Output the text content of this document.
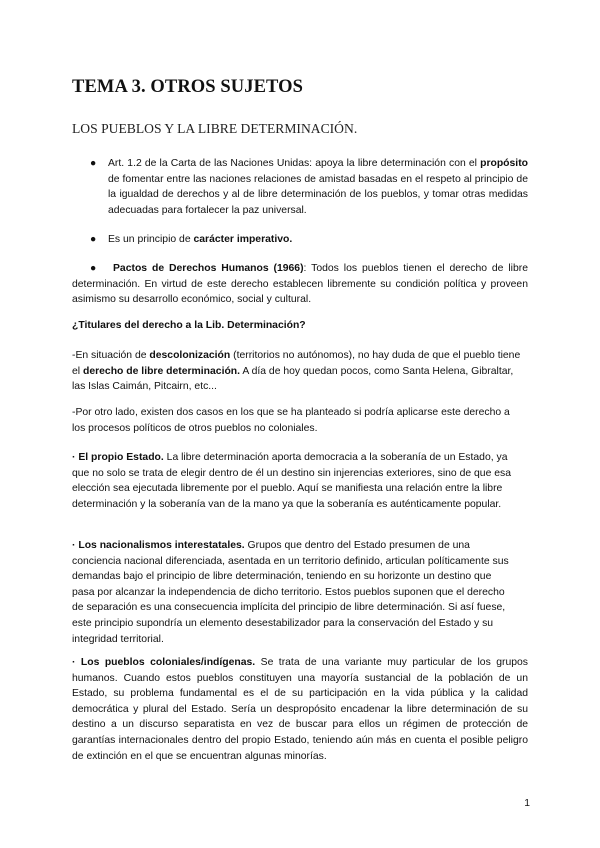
TEMA 3. OTROS SUJETOS
LOS PUEBLOS Y LA LIBRE DETERMINACIÓN.
● Art. 1.2 de la Carta de las Naciones Unidas: apoya la libre determinación con el propósito de fomentar entre las naciones relaciones de amistad basadas en el respeto al principio de la igualdad de derechos y al de libre determinación de los pueblos, y tomar otras medidas adecuadas para fortalecer la paz universal.

● Es un principio de carácter imperativo.

● Pactos de Derechos Humanos (1966): Todos los pueblos tienen el derecho de libre determinación. En virtud de este derecho establecen libremente su condición política y proveen asimismo su desarrollo económico, social y cultural.

¿Titulares del derecho a la Lib. Determinación?

-En situación de descolonización (territorios no autónomos), no hay duda de que el pueblo tiene el derecho de libre determinación. A día de hoy quedan pocos, como Santa Helena, Gibraltar, las Islas Caimán, Pitcairn, etc...

-Por otro lado, existen dos casos en los que se ha planteado si podría aplicarse este derecho a los procesos políticos de otros pueblos no coloniales.

· El propio Estado. La libre determinación aporta democracia a la soberanía de un Estado, ya que no solo se trata de elegir dentro de él un destino sin injerencias exteriores, sino de que esa elección sea ejecutada libremente por el pueblo. Aquí se manifiesta una relación entre la libre determinación y la soberanía van de la mano ya que la soberanía es auténticamente popular.

· Los nacionalismos interestatales. Grupos que dentro del Estado presumen de una conciencia nacional diferenciada, asentada en un territorio definido, articulan políticamente sus demandas bajo el principio de libre determinación, teniendo en su horizonte un destino que pasa por alcanzar la independencia de dicho territorio. Estos pueblos suponen que el derecho de separación es una consecuencia implícita del principio de libre determinación. Si así fuese, este principio supondría un elemento desestabilizador para la conservación del Estado y su integridad territorial.

· Los pueblos coloniales/indígenas. Se trata de una variante muy particular de los grupos humanos. Cuando estos pueblos constituyen una mayoría sustancial de la población de un Estado, su problema fundamental es el de su participación en la vida pública y la calidad democrática y plural del Estado. Sería un despropósito encadenar la libre determinación de su destino a un discurso separatista en vez de buscar para ellos un régimen de protección de garantías internacionales dentro del propio Estado, teniendo aún más en cuenta el posible peligro de extinción en el que se encuentran algunas minorías.

1
